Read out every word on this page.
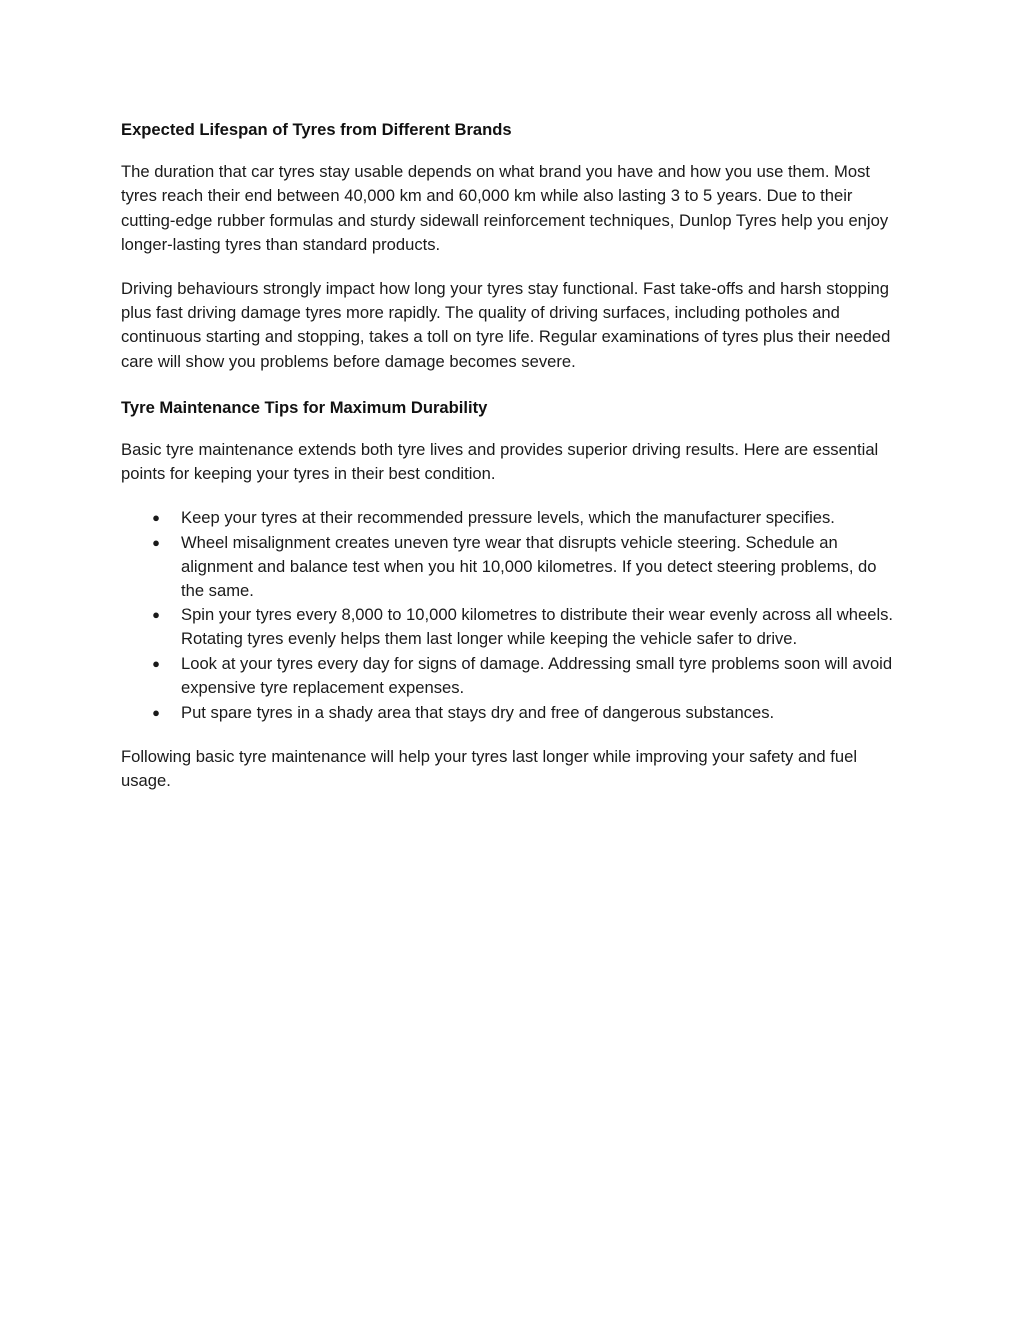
Expected Lifespan of Tyres from Different Brands

The duration that car tyres stay usable depends on what brand you have and how you use them. Most tyres reach their end between 40,000 km and 60,000 km while also lasting 3 to 5 years. Due to their cutting-edge rubber formulas and sturdy sidewall reinforcement techniques, Dunlop Tyres help you enjoy longer-lasting tyres than standard products.

Driving behaviours strongly impact how long your tyres stay functional. Fast take-offs and harsh stopping plus fast driving damage tyres more rapidly. The quality of driving surfaces, including potholes and continuous starting and stopping, takes a toll on tyre life. Regular examinations of tyres plus their needed care will show you problems before damage becomes severe.

Tyre Maintenance Tips for Maximum Durability

Basic tyre maintenance extends both tyre lives and provides superior driving results. Here are essential points for keeping your tyres in their best condition.

● Keep your tyres at their recommended pressure levels, which the manufacturer specifies.
● Wheel misalignment creates uneven tyre wear that disrupts vehicle steering. Schedule an alignment and balance test when you hit 10,000 kilometres. If you detect steering problems, do the same.
● Spin your tyres every 8,000 to 10,000 kilometres to distribute their wear evenly across all wheels. Rotating tyres evenly helps them last longer while keeping the vehicle safer to drive.
● Look at your tyres every day for signs of damage. Addressing small tyre problems soon will avoid expensive tyre replacement expenses.
● Put spare tyres in a shady area that stays dry and free of dangerous substances.

Following basic tyre maintenance will help your tyres last longer while improving your safety and fuel usage.
